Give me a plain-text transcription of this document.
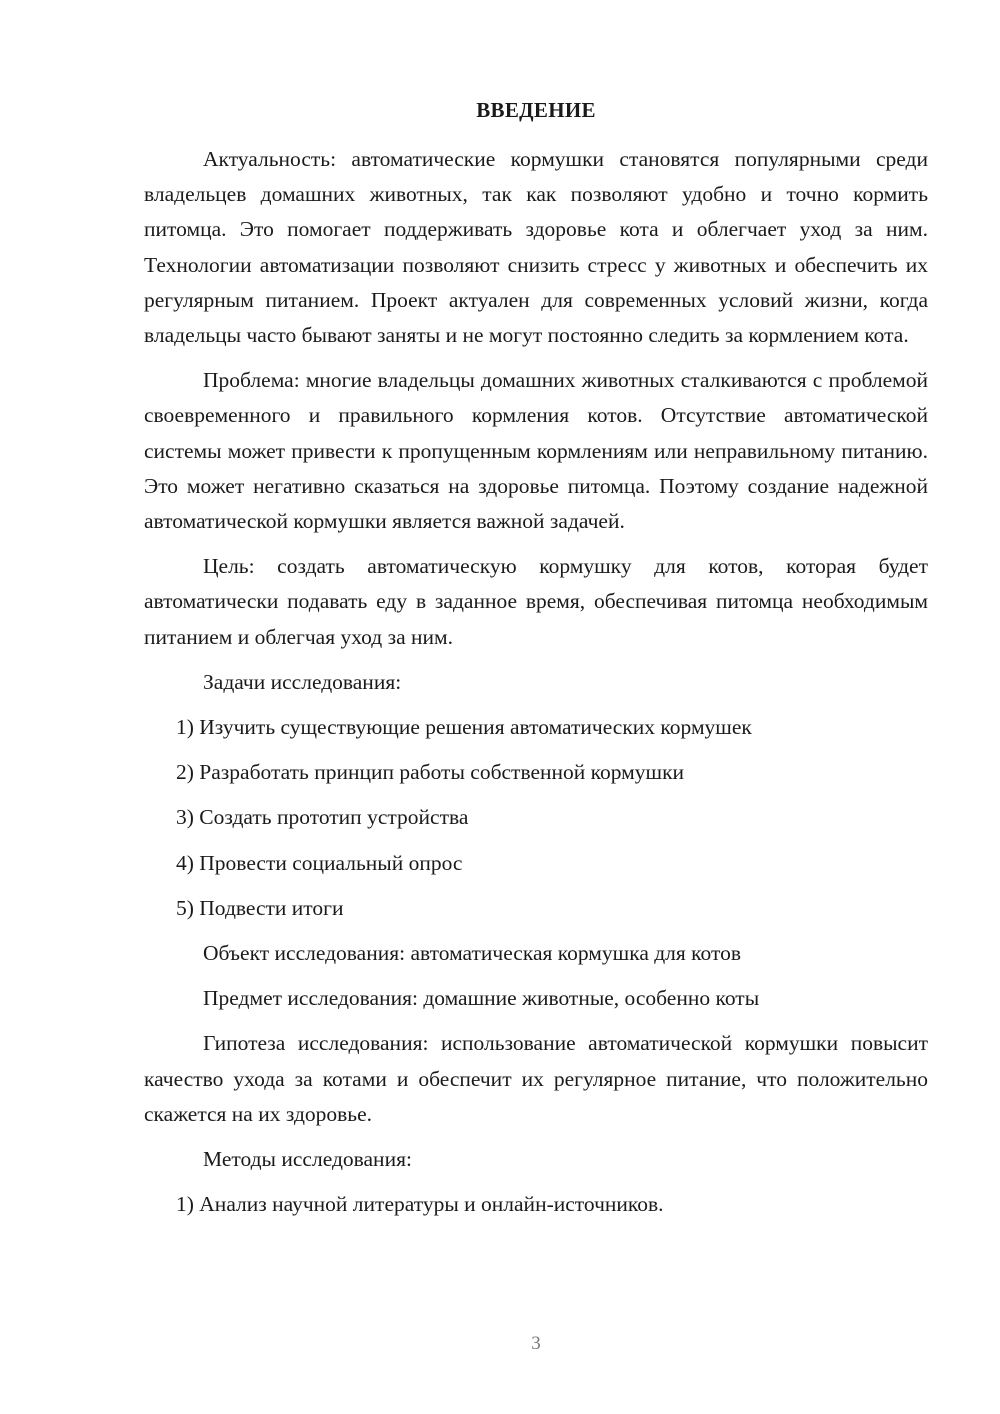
ВВЕДЕНИЕ

Актуальность: автоматические кормушки становятся популярными среди владельцев домашних животных, так как позволяют удобно и точно кормить питомца. Это помогает поддерживать здоровье кота и облегчает уход за ним. Технологии автоматизации позволяют снизить стресс у животных и обеспечить их регулярным питанием. Проект актуален для современных условий жизни, когда владельцы часто бывают заняты и не могут постоянно следить за кормлением кота.

Проблема: многие владельцы домашних животных сталкиваются с проблемой своевременного и правильного кормления котов. Отсутствие автоматической системы может привести к пропущенным кормлениям или неправильному питанию. Это может негативно сказаться на здоровье питомца. Поэтому создание надежной автоматической кормушки является важной задачей.

Цель: создать автоматическую кормушку для котов, которая будет автоматически подавать еду в заданное время, обеспечивая питомца необходимым питанием и облегчая уход за ним.

Задачи исследования:
1) Изучить существующие решения автоматических кормушек
2) Разработать принцип работы собственной кормушки
3) Создать прототип устройства
4) Провести социальный опрос
5) Подвести итоги
Объект исследования: автоматическая кормушка для котов
Предмет исследования: домашние животные, особенно коты

Гипотеза исследования: использование автоматической кормушки повысит качество ухода за котами и обеспечит их регулярное питание, что положительно скажется на их здоровье.

Методы исследования:
1) Анализ научной литературы и онлайн-источников.
3
